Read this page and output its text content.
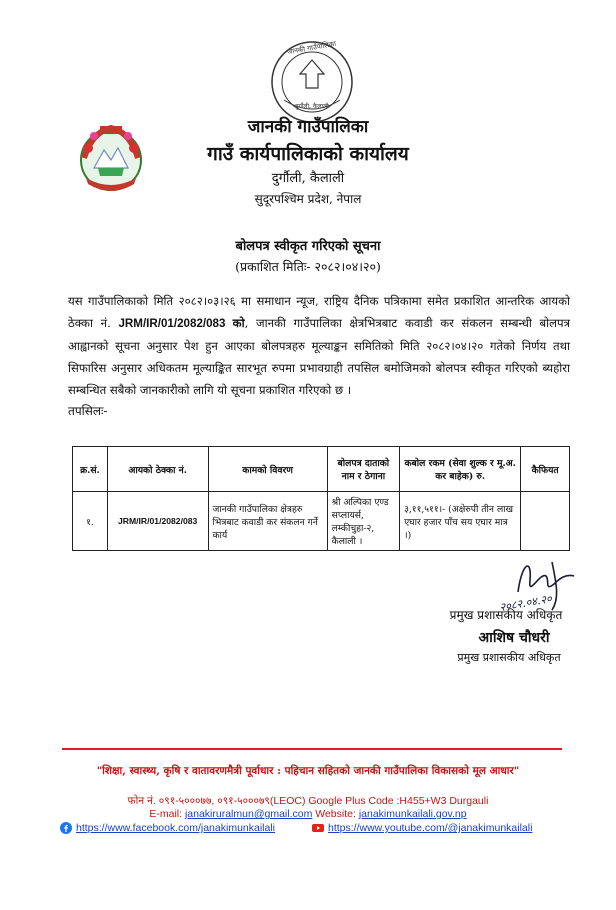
जानकी गाउँपालिका
दुर्गौली, कैलाली
जानकी गाउँपालिका
गाउँ कार्यपालिकाको कार्यालय
दुर्गौली, कैलाली
सुदूरपश्चिम प्रदेश, नेपाल
बोलपत्र स्वीकृत गरिएको सूचना
(प्रकाशित मितिः- २०८२।०४।२०)
यस गाउँपालिकाको मिति २०८२।०३।२६ मा समाधान न्यूज, राष्ट्रिय दैनिक पत्रिकामा समेत प्रकाशित आन्तरिक आयको ठेक्का नं. JRM/IR/01/2082/083 को, जानकी गाउँपालिका क्षेत्रभित्रबाट कवाडी कर संकलन सम्बन्धी बोलपत्र आह्वानको सूचना अनुसार पेश हुन आएका बोलपत्रहरु मूल्याङ्कन समितिको मिति २०८२।०४।२० गतेको निर्णय तथा सिफारिस अनुसार अधिकतम मूल्याङ्कित सारभूत रुपमा प्रभावग्राही तपसिल बमोजिमको बोलपत्र स्वीकृत गरिएको ब्यहोरा सम्बन्धित सबैको जानकारीको लागि यो सूचना प्रकाशित गरिएको छ ।
तपसिलः-
क्र.सं.	आयको ठेक्का नं.	कामको विवरण	बोलपत्र दाताको नाम र ठेगाना	कबोल रकम (सेवा शुल्क र मू.अ. कर बाहेक) रु.	कैफियत
१.	JRM/IR/01/2082/083	जानकी गाउँपालिका क्षेत्रहरु भित्रबाट कवाडी कर संकलन गर्ने कार्य	श्री अल्पिका एण्ड सप्लायर्स, लम्कीचुहा-२, कैलाली ।	३,११,५११।- (अक्षेरुपी तीन लाख एघार हजार पाँच सय एघार मात्र ।)	
२०८२.०४.२०
प्रमुख प्रशासकीय अधिकृत
आशिष चौधरी
प्रमुख प्रशासकीय अधिकृत
"शिक्षा, स्वास्थ्य, कृषि र वातावरणमैत्री पूर्वाधार : पहिचान सहितको जानकी गाउँपालिका विकासको मूल आधार"
फोन नं. ०९१-५०००७७, ०९१-५०००७९(LEOC) Google Plus Code :H455+W3 Durgauli
E-mail: janakiruralmun@gmail.com Website: janakimunkailali.gov.np
https://www.facebook.com/janakimunkailali	https://www.youtube.com/@janakimunkailali
